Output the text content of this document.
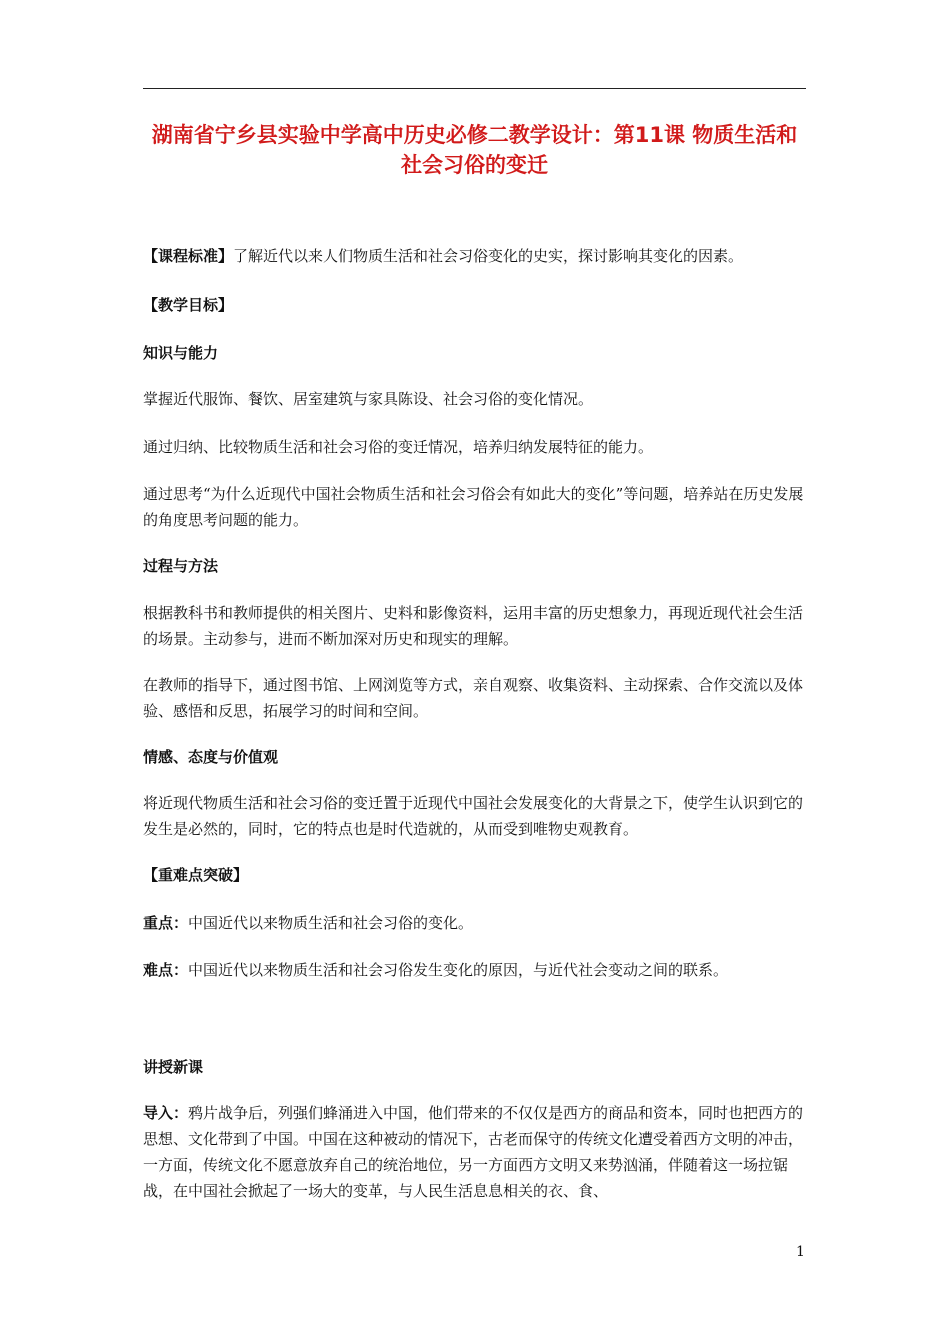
湖南省宁乡县实验中学高中历史必修二教学设计：第11课 物质生活和社会习俗的变迁

【课程标准】了解近代以来人们物质生活和社会习俗变化的史实，探讨影响其变化的因素。

【教学目标】

知识与能力

掌握近代服饰、餐饮、居室建筑与家具陈设、社会习俗的变化情况。

通过归纳、比较物质生活和社会习俗的变迁情况，培养归纳发展特征的能力。

通过思考“为什么近现代中国社会物质生活和社会习俗会有如此大的变化”等问题，培养站在历史发展的角度思考问题的能力。

过程与方法

根据教科书和教师提供的相关图片、史料和影像资料，运用丰富的历史想象力，再现近现代社会生活的场景。主动参与，进而不断加深对历史和现实的理解。

在教师的指导下，通过图书馆、上网浏览等方式，亲自观察、收集资料、主动探索、合作交流以及体验、感悟和反思，拓展学习的时间和空间。

情感、态度与价值观

将近现代物质生活和社会习俗的变迁置于近现代中国社会发展变化的大背景之下，使学生认识到它的发生是必然的，同时，它的特点也是时代造就的，从而受到唯物史观教育。

【重难点突破】

重点：中国近代以来物质生活和社会习俗的变化。

难点：中国近代以来物质生活和社会习俗发生变化的原因，与近代社会变动之间的联系。

讲授新课

导入：鸦片战争后，列强们蜂涌进入中国，他们带来的不仅仅是西方的商品和资本，同时也把西方的思想、文化带到了中国。中国在这种被动的情况下，古老而保守的传统文化遭受着西方文明的冲击，一方面，传统文化不愿意放弃自己的统治地位，另一方面西方文明又来势汹涌，伴随着这一场拉锯战，在中国社会掀起了一场大的变革，与人民生活息息相关的衣、食、

1
